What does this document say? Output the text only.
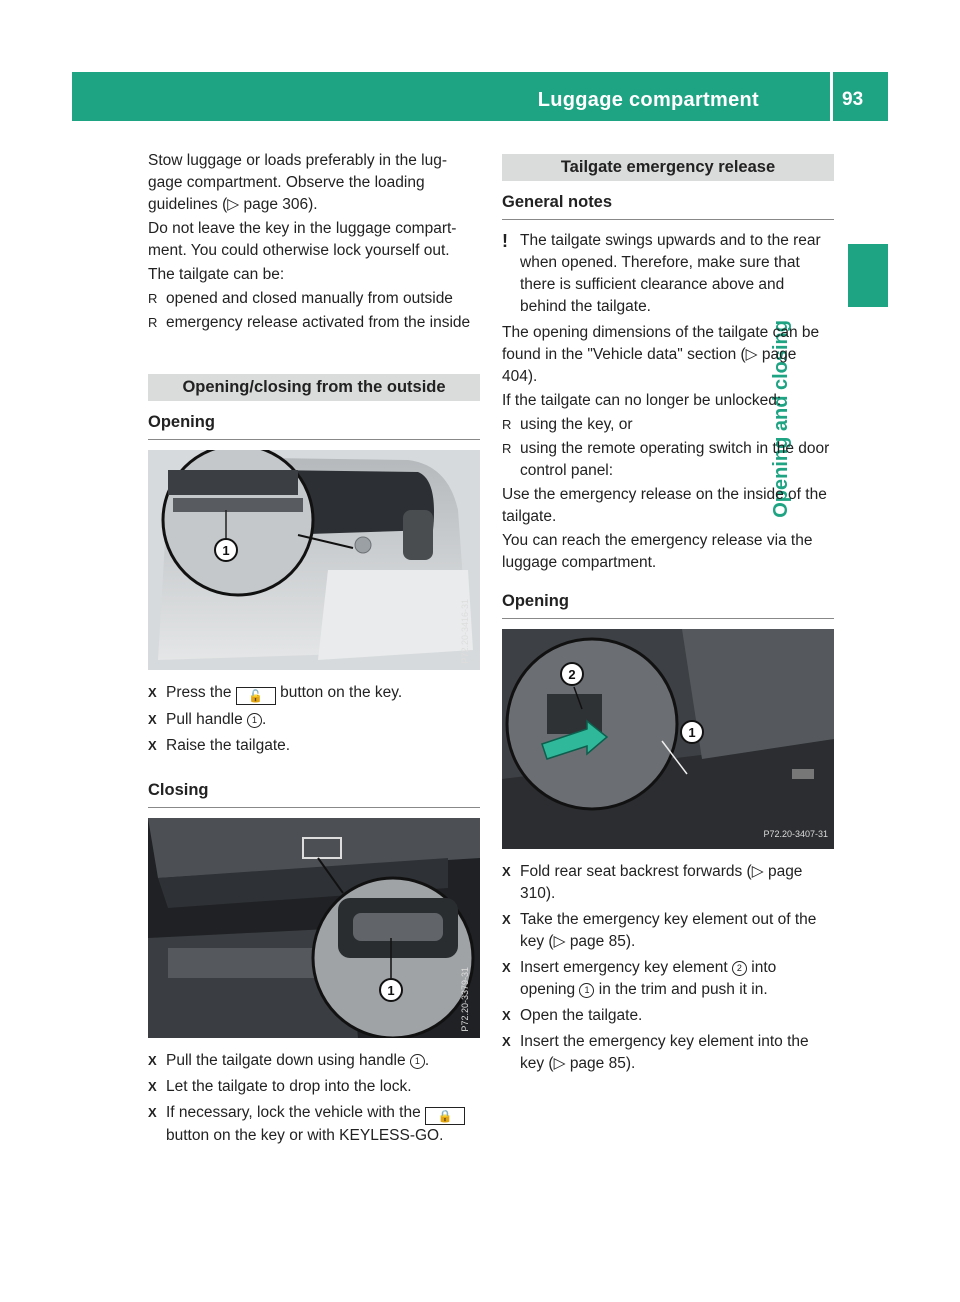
Luggage compartment	93
Opening and closing

Stow luggage or loads preferably in the lug-gage compartment. Observe the loading guidelines (▷ page 306).

Do not leave the key in the luggage compart-ment. You could otherwise lock yourself out.

The tailgate can be:

R opened and closed manually from outside
R emergency release activated from the inside
Opening/closing from the outside
Opening
1
P72.20-3416-31
X Press the 🔓 button on the key.
X Pull handle 1 .
X Raise the tailgate.
Closing
1	P72.20-3379-31
X Pull the tailgate down using handle 1 .
X Let the tailgate to drop into the lock.
X If necessary, lock the vehicle with the 🔒 button on the key or with KEYLESS-GO.
Tailgate emergency release
General notes
! The tailgate swings upwards and to the rear when opened. Therefore, make sure that there is sufficient clearance above and behind the tailgate.

The opening dimensions of the tailgate can be found in the "Vehicle data" section (▷ page 404).

If the tailgate can no longer be unlocked:

R using the key, or
R using the remote operating switch in the door control panel:

Use the emergency release on the inside of the tailgate.

You can reach the emergency release via the luggage compartment.

Opening
2
1
P72.20-3407-31
X Fold rear seat backrest forwards (▷ page 310).
X Take the emergency key element out of the key (▷ page 85).
X Insert emergency key element 2 into opening 1 in the trim and push it in.
X Open the tailgate.
X Insert the emergency key element into the key (▷ page 85).
